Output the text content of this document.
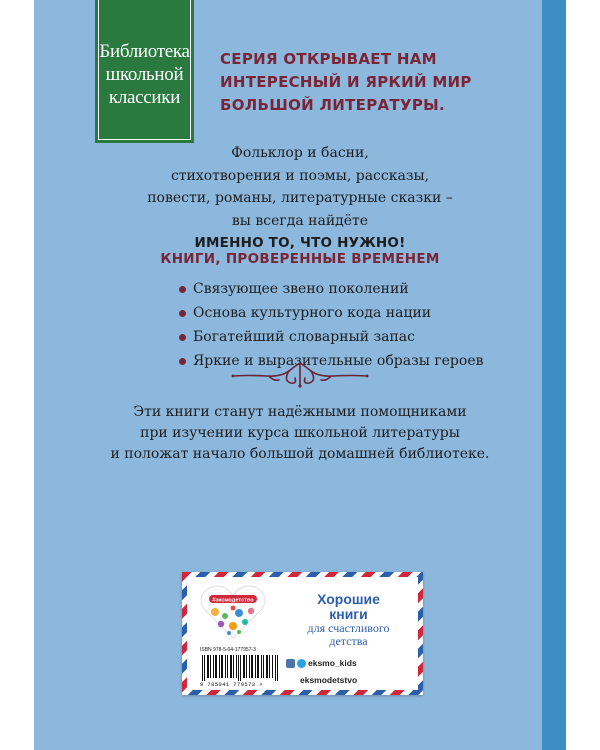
Библиотека
школьной
классики
СЕРИЯ ОТКРЫВАЕТ НАМ
ИНТЕРЕСНЫЙ И ЯРКИЙ МИР
БОЛЬШОЙ ЛИТЕРАТУРЫ.
Фольклор и басни,
стихотворения и поэмы, рассказы,
повести, романы, литературные сказки –
вы всегда найдёте
ИМЕННО ТО, ЧТО НУЖНО!
КНИГИ, ПРОВЕРЕННЫЕ ВРЕМЕНЕМ
Связующее звено поколений
Основа культурного кода нации
Богатейший словарный запас
Яркие и выразительные образы героев
Эти книги станут надёжными помощниками
при изучении курса школьной литературы
и положат начало большой домашней библиотеке.
#эксмодетство
ISBN 978-5-04-177957-3
9 785041 779573 >
Хорошие
книги
для счастливого
детства
eksmo_kids
eksmodetstvo
